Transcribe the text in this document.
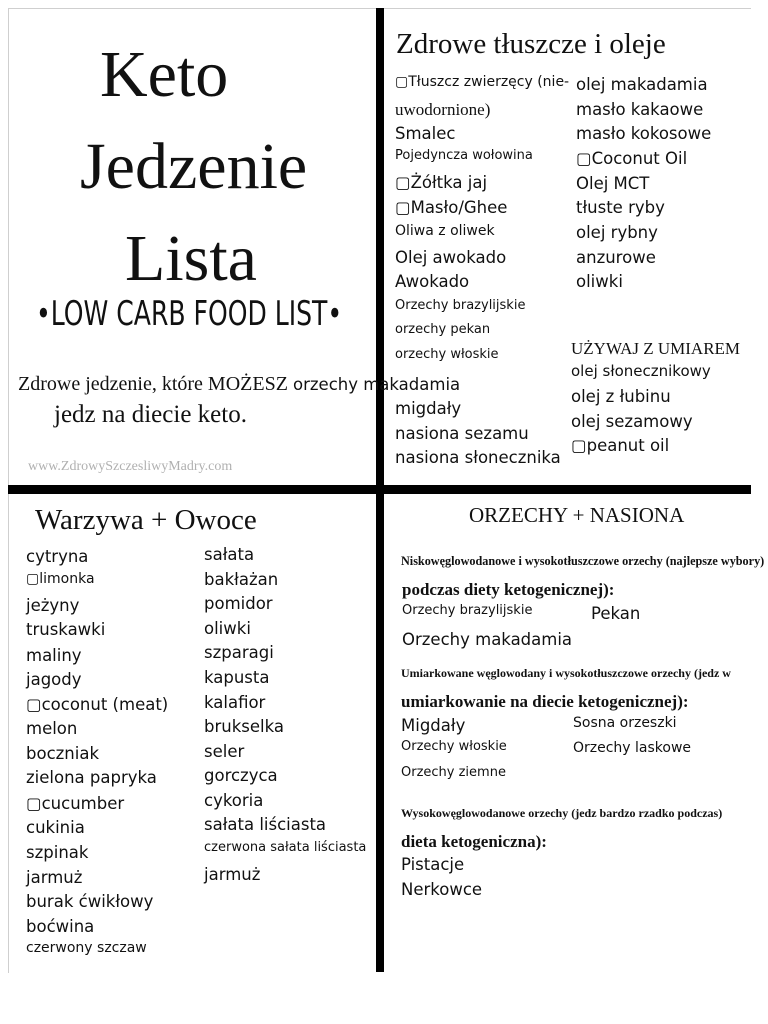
Keto
Jedzenie
Lista
•LOW CARB FOOD LIST•
Zdrowe jedzenie, które MOŻESZ
jedz na diecie keto.
www.ZdrowySzczesliwyMadry.com
Zdrowe tłuszcze i oleje
▢Tłuszcz zwierzęcy (nie-
uwodornione)
Smalec
Pojedyncza wołowina
▢Żółtka jaj
▢Masło/Ghee
Oliwa z oliwek
Olej awokado
Awokado
Orzechy brazylijskie
orzechy pekan
orzechy włoskie
orzechy makadamia
migdały
nasiona sezamu
nasiona słonecznika
olej makadamia
masło kakaowe
masło kokosowe
▢Coconut Oil
Olej MCT
tłuste ryby
olej rybny
anzurowe
oliwki
UŻYWAJ Z UMIAREM
olej słonecznikowy
olej z łubinu
olej sezamowy
▢peanut oil
Warzywa + Owoce
cytryna
▢limonka
jeżyny
truskawki
maliny
jagody
▢coconut (meat)
melon
boczniak
zielona papryka
▢cucumber
cukinia
szpinak
jarmuż
burak ćwikłowy
boćwina
czerwony szczaw
sałata
bakłażan
pomidor
oliwki
szparagi
kapusta
kalafior
brukselka
seler
gorczyca
cykoria
sałata liściasta
czerwona sałata liściasta
jarmuż
ORZECHY + NASIONA
Niskowęglowodanowe i wysokotłuszczowe orzechy (najlepsze wybory)
podczas diety ketogenicznej):
Orzechy brazylijskie	Pekan
Orzechy makadamia
Umiarkowane węglowodany i wysokotłuszczowe orzechy (jedz w
umiarkowanie na diecie ketogenicznej):
Migdały	Sosna orzeszki
Orzechy włoskie	Orzechy laskowe
Orzechy ziemne
Wysokowęglowodanowe orzechy (jedz bardzo rzadko podczas)
dieta ketogeniczna):
Pistacje
Nerkowce
